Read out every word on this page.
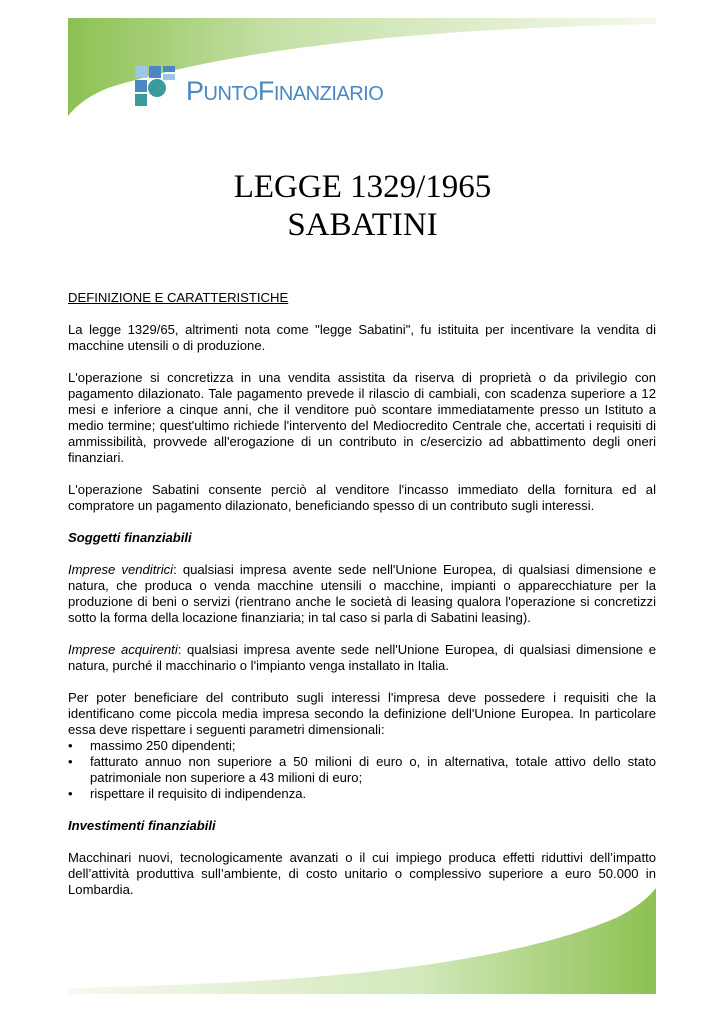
PUNTOFINANZIARIO
LEGGE 1329/1965
SABATINI

DEFINIZIONE E CARATTERISTICHE

La legge 1329/65, altrimenti nota come "legge Sabatini", fu istituita per incentivare la vendita di macchine utensili o di produzione.

L'operazione si concretizza in una vendita assistita da riserva di proprietà o da privilegio con pagamento dilazionato. Tale pagamento prevede il rilascio di cambiali, con scadenza superiore a 12 mesi e inferiore a cinque anni, che il venditore può scontare immediatamente presso un Istituto a medio termine; quest'ultimo richiede l'intervento del Mediocredito Centrale che, accertati i requisiti di ammissibilità, provvede all'erogazione di un contributo in c/esercizio ad abbattimento degli oneri finanziari.

L'operazione Sabatini consente perciò al venditore l'incasso immediato della fornitura ed al compratore un pagamento dilazionato, beneficiando spesso di un contributo sugli interessi.

Soggetti finanziabili

Imprese venditrici: qualsiasi impresa avente sede nell'Unione Europea, di qualsiasi dimensione e natura, che produca o venda macchine utensili o macchine, impianti o apparecchiature per la produzione di beni o servizi (rientrano anche le società di leasing qualora l'operazione si concretizzi sotto la forma della locazione finanziaria; in tal caso si parla di Sabatini leasing).

Imprese acquirenti: qualsiasi impresa avente sede nell'Unione Europea, di qualsiasi dimensione e natura, purché il macchinario o l'impianto venga installato in Italia.

Per poter beneficiare del contributo sugli interessi l'impresa deve possedere i requisiti che la identificano come piccola media impresa secondo la definizione dell'Unione Europea. In particolare essa deve rispettare i seguenti parametri dimensionali:

• massimo 250 dipendenti;
• fatturato annuo non superiore a 50 milioni di euro o, in alternativa, totale attivo dello stato patrimoniale non superiore a 43 milioni di euro;
• rispettare il requisito di indipendenza.

Investimenti finanziabili

Macchinari nuovi, tecnologicamente avanzati o il cui impiego produca effetti riduttivi dell’impatto dell’attività produttiva sull’ambiente, di costo unitario o complessivo superiore a euro 50.000 in Lombardia.
